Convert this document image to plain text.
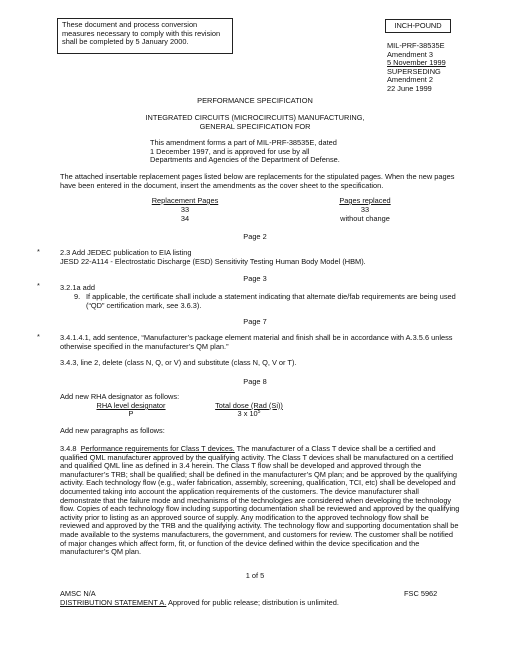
These document and process conversion measures necessary to comply with this revision shall be completed by 5 January 2000.

INCH-POUND

MIL-PRF-38535E

Amendment 3

5 November 1999

SUPERSEDING

Amendment 2

22 June 1999

PERFORMANCE SPECIFICATION

INTEGRATED CIRCUITS (MICROCIRCUITS) MANUFACTURING,

GENERAL SPECIFICATION FOR

This amendment forms a part of MIL-PRF-38535E, dated

1 December 1997, and is approved for use by all

Departments and Agencies of the Department of Defense.

The attached insertable replacement pages listed below are replacements for the stipulated pages. When the new pages have been entered in the document, insert the amendments as the cover sheet to the specification.

Replacement Pages	Pages replaced
33	33
34	without change
Page 2
*	2.3 Add JEDEC publication to EIA listing

JESD 22-A114 - Electrostatic Discharge (ESD) Sensitivity Testing Human Body Model (HBM).

Page 3
*	3.2.1a add
9. If applicable, the certificate shall include a statement indicating that alternate die/fab requirements are being used (“QD” certification mark, see 3.6.3).
Page 7
*	3.4.1.4.1, add sentence, “Manufacturer’s package element material and finish shall be in accordance with A.3.5.6 unless otherwise specified in the manufacturer’s QM plan.”
3.4.3, line 2, delete (class N, Q, or V) and substitute (class N, Q, V or T).
Page 8
Add new RHA designator as follows:
RHA level designator	Total dose (Rad (Si))
P	3 x $10^5$
Add new paragraphs as follows:

3.4.8 Performance requirements for Class T devices. The manufacturer of a Class T device shall be a certified and qualified QML manufacturer approved by the qualifying activity. The Class T devices shall be manufactured on a certified and qualified QML line as defined in 3.4 herein. The Class T flow shall be developed and approved through the manufacturer’s TRB; shall be qualified; shall be defined in the manufacturer’s QM plan; and be approved by the qualifying activity. Each technology flow (e.g., wafer fabrication, assembly, screening, qualification, TCI, etc) shall be developed and documented taking into account the application requirements of the customers. The device manufacturer shall demonstrate that the failure mode and mechanisms of the technologies are considered when developing the technology flow. Copies of each technology flow including supporting documentation shall be reviewed and approved by the qualifying activity prior to listing as an approved source of supply. Any modification to the approved technology flow shall be reviewed and approved by the TRB and the qualifying activity. The technology flow and supporting documentation shall be made available to the systems manufacturers, the government, and customers for review. The customer shall be notified of major changes which affect form, fit, or function of the device defined within the device specification and the manufacturer’s QM plan.

1 of 5
AMSC N/A	FSC 5962
DISTRIBUTION STATEMENT A. Approved for public release; distribution is unlimited.
